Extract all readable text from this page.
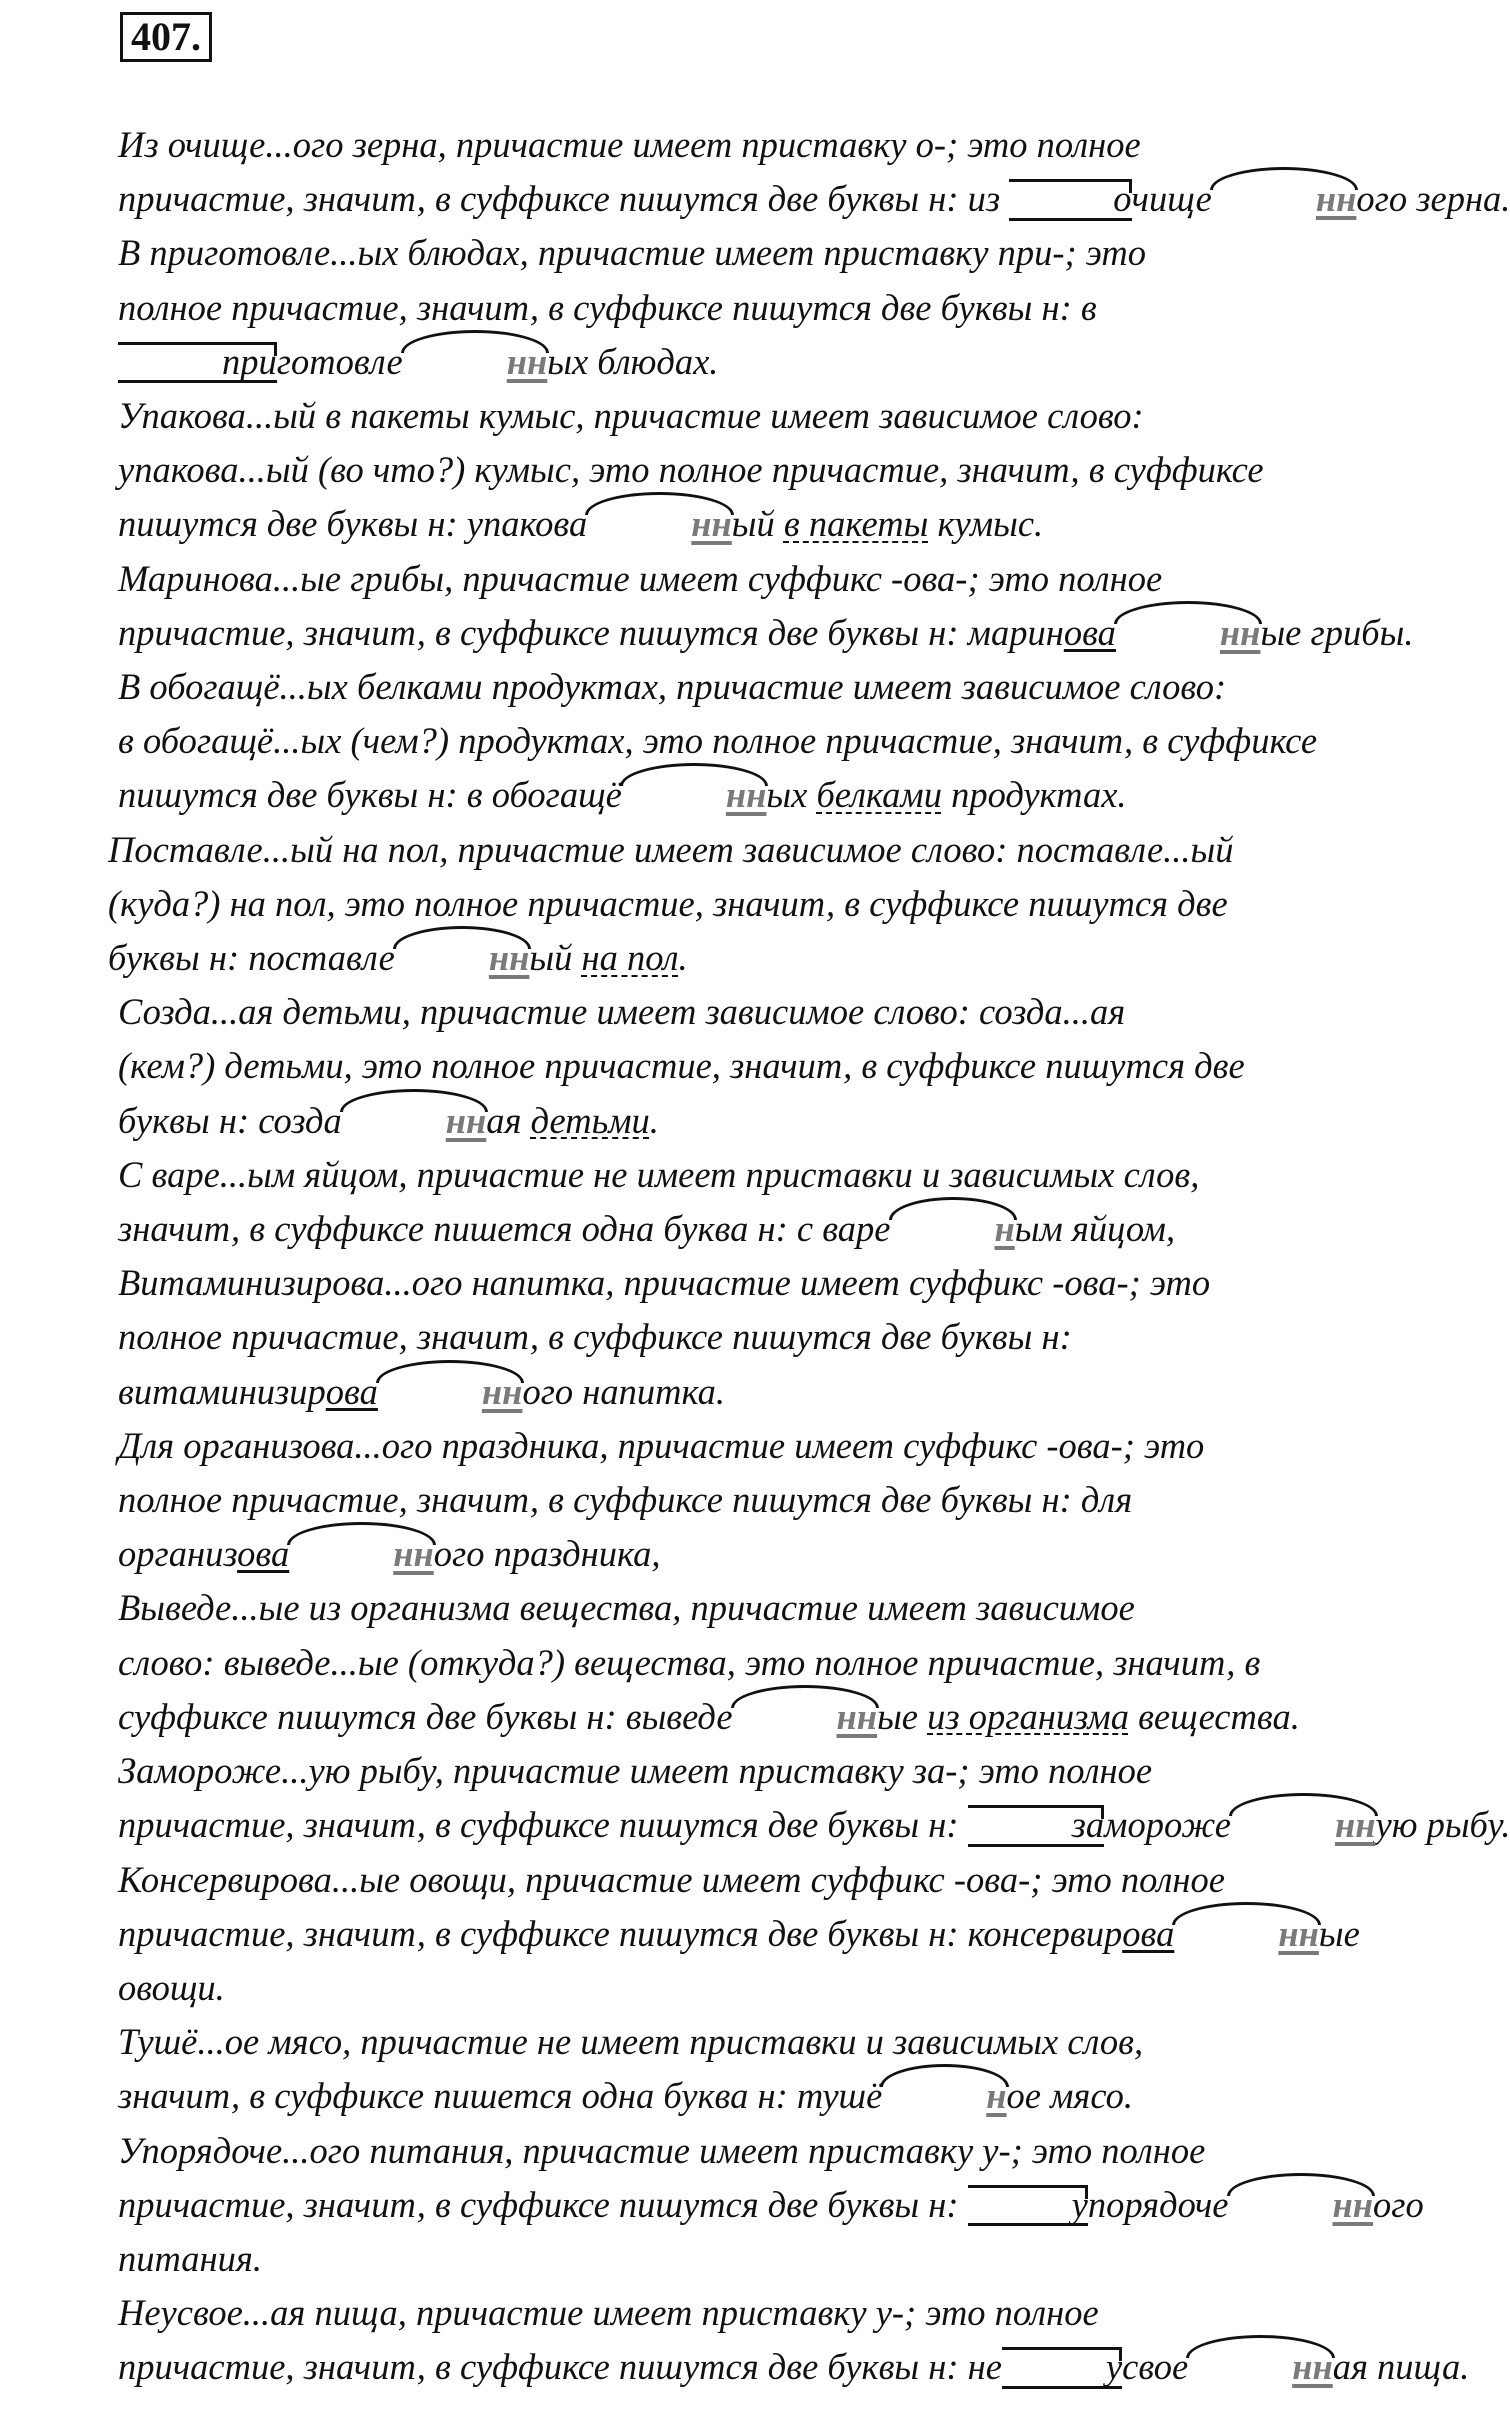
407.

Из очище...ого зерна, причастие имеет приставку о-; это полное
причастие, значит, в суффиксе пишутся две буквы н: из	очище	нного зерна.

В приготовле...ых блюдах, причастие имеет приставку при-; это
полное причастие, значит, в суффиксе пишутся две буквы н: в
приготовле	нных блюдах.

Упакова...ый в пакеты кумыс, причастие имеет зависимое слово:
упакова...ый (во что?) кумыс, это полное причастие, значит, в суффиксе
пишутся две буквы н: упакова	нный в пакеты кумыс.

Маринова...ые грибы, причастие имеет суффикс -ова-; это полное
причастие, значит, в суффиксе пишутся две буквы н: маринова	нные грибы.

В обогащё...ых белками продуктах, причастие имеет зависимое слово:
в обогащё...ых (чем?) продуктах, это полное причастие, значит, в суффиксе
пишутся две буквы н: в обогащё	нных белками продуктах.

Поставле...ый на пол, причастие имеет зависимое слово: поставле...ый
(куда?) на пол, это полное причастие, значит, в суффиксе пишутся две
буквы н: поставле	нный на пол.

Созда...ая детьми, причастие имеет зависимое слово: созда...ая
(кем?) детьми, это полное причастие, значит, в суффиксе пишутся две
буквы н: созда	нная детьми.

С варе...ым яйцом, причастие не имеет приставки и зависимых слов,
значит, в суффиксе пишется одна буква н: с варе	ным яйцом,

Витаминизирова...ого напитка, причастие имеет суффикс -ова-; это
полное причастие, значит, в суффиксе пишутся две буквы н:
витаминизирова	нного напитка.

Для организова...ого праздника, причастие имеет суффикс -ова-; это
полное причастие, значит, в суффиксе пишутся две буквы н: для
организова	нного праздника,

Выведе...ые из организма вещества, причастие имеет зависимое
слово: выведе...ые (откуда?) вещества, это полное причастие, значит, в
суффиксе пишутся две буквы н: выведе	нные из организма вещества.

Замороже...ую рыбу, причастие имеет приставку за-; это полное
причастие, значит, в суффиксе пишутся две буквы н:	замороже	нную рыбу.

Консервирова...ые овощи, причастие имеет суффикс -ова-; это полное
причастие, значит, в суффиксе пишутся две буквы н: консервирова	нные
овощи.

Тушё...ое мясо, причастие не имеет приставки и зависимых слов,
значит, в суффиксе пишется одна буква н: тушё	ное мясо.

Упорядоче...ого питания, причастие имеет приставку у-; это полное
причастие, значит, в суффиксе пишутся две буквы н:	упорядоче	нного
питания.

Неусвое...ая пища, причастие имеет приставку у-; это полное
причастие, значит, в суффиксе пишутся две буквы н: не	усвое	нная пища.
